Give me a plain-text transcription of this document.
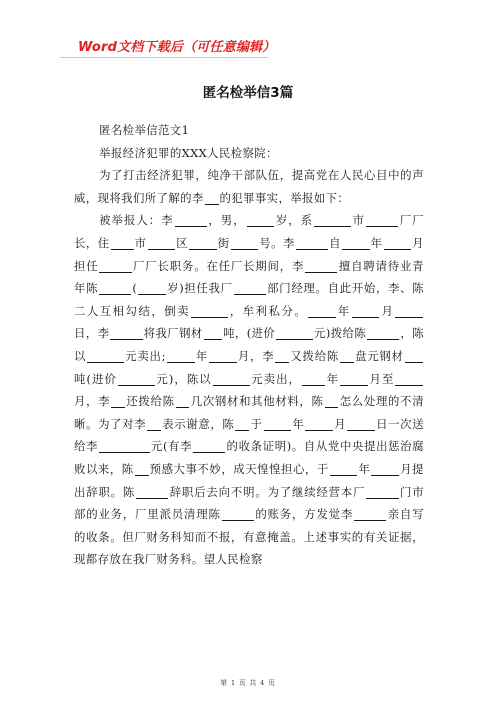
Word文档下载后（可任意编辑）
匿名检举信3篇

匿名检举信范文1

举报经济犯罪的XXX人民检察院：

为了打击经济犯罪，纯净干部队伍，提高党在人民心目中的声威，现将我们所了解的李 的犯罪事实，举报如下：

被举报人：李	，男，	岁，系	市	厂厂长，住 市	区	街	号。李	自	年	月担任	厂厂长职务。在任厂长期间，李	擅自聘请待业青年陈	(	岁)担任我厂	部门经理。自此开始，李、陈二人互相勾结，倒卖	，牟利私分。	年	月日，李	将我厂钢材 吨，(进价	元)拨给陈	，陈以	元卖出;	年	月，李 又拨给陈 盘元钢材吨(进价	元)，陈以	元卖出， 年	月至月，李 还拨给陈 几次钢材和其他材料，陈 怎么处理的不清晰。为了对李 表示谢意，陈 于	年	月	日一次送给李	元(有李	的收条证明)。自从党中央提出惩治腐 败以来，陈 预感大事不妙，成天惶惶担心，于	年	月提出辞职。陈	辞职后去向不明。为了继续经营本厂	门市部的业务，厂里派员清理陈	的账务，方发觉李	亲自写的收条。但厂财务科知而不报，有意掩盖。上述事实的有关证据，现都存放在我厂财务科。望人民检察

第 1 页 共 4 页
